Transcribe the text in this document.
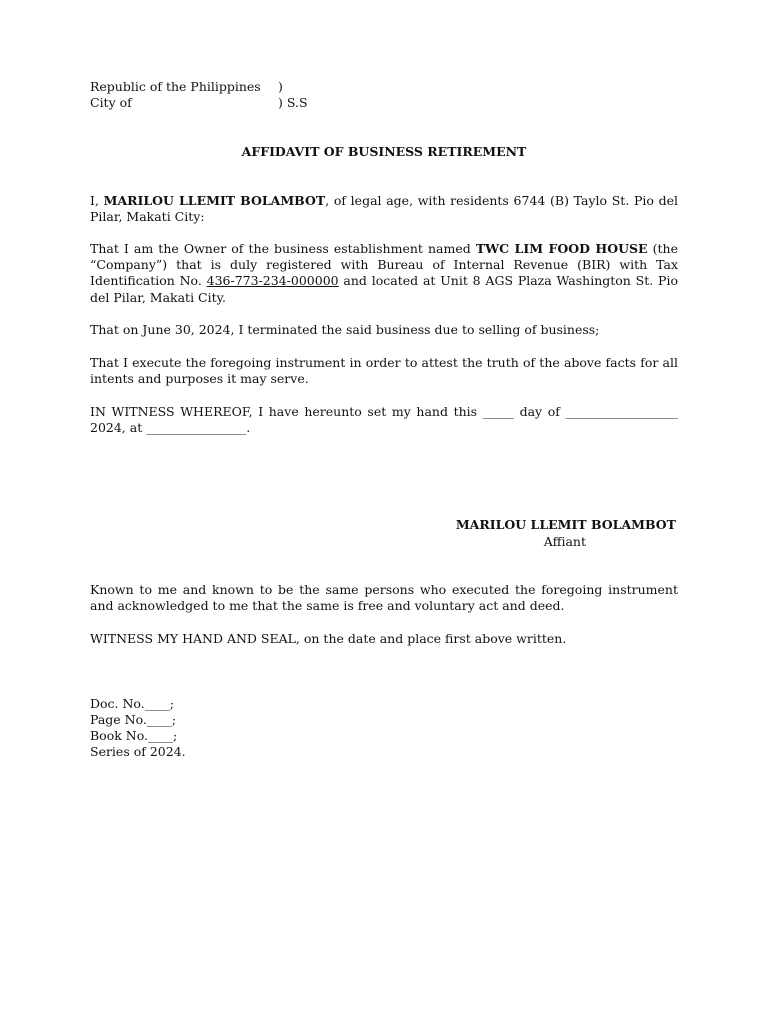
Republic of the Philippines )
City of	) S.S
AFFIDAVIT OF BUSINESS RETIREMENT
I, MARILOU LLEMIT BOLAMBOT, of legal age, with residents 6744 (B) Taylo St. Pio del Pilar, Makati City:
That I am the Owner of the business establishment named TWC LIM FOOD HOUSE (the “Company”) that is duly registered with Bureau of Internal Revenue (BIR) with Tax Identification No. 436-773-234-000000 and located at Unit 8 AGS Plaza Washington St. Pio del Pilar, Makati City.
That on June 30, 2024, I terminated the said business due to selling of business;
That I execute the foregoing instrument in order to attest the truth of the above facts for all intents and purposes it may serve.
IN WITNESS WHEREOF, I have hereunto set my hand this _____ day of __________________ 2024, at ________________.
MARILOU LLEMIT BOLAMBOT
Affiant
Known to me and known to be the same persons who executed the foregoing instrument and acknowledged to me that the same is free and voluntary act and deed.
WITNESS MY HAND AND SEAL, on the date and place first above written.
Doc. No.____;
Page No.____;
Book No.____;
Series of 2024.
